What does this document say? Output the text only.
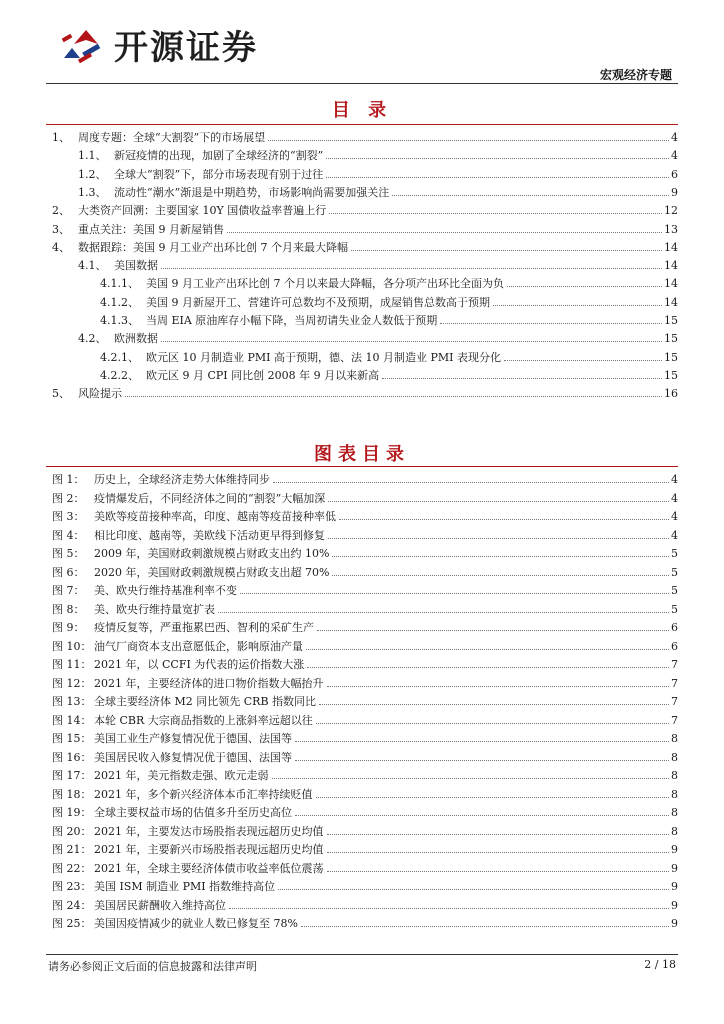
开源证券
宏观经济专题
目 录
1、 周度专题：全球“大割裂”下的市场展望	4
1.1、 新冠疫情的出现，加剧了全球经济的“割裂”	4
1.2、 全球大“割裂”下，部分市场表现有别于过往	6
1.3、 流动性“潮水”渐退是中期趋势，市场影响尚需要加强关注	9
2、 大类资产回溯：主要国家 10Y 国债收益率普遍上行	12
3、 重点关注：美国 9 月新屋销售	13
4、 数据跟踪：美国 9 月工业产出环比创 7 个月来最大降幅	14
4.1、 美国数据	14
4.1.1、 美国 9 月工业产出环比创 7 个月以来最大降幅，各分项产出环比全面为负	14
4.1.2、 美国 9 月新屋开工、营建许可总数均不及预期，成屋销售总数高于预期	14
4.1.3、 当周 EIA 原油库存小幅下降，当周初请失业金人数低于预期	15
4.2、 欧洲数据	15
4.2.1、 欧元区 10 月制造业 PMI 高于预期，德、法 10 月制造业 PMI 表现分化	15
4.2.2、 欧元区 9 月 CPI 同比创 2008 年 9 月以来新高	15
5、 风险提示	16
图表目录
图 1： 历史上，全球经济走势大体维持同步	4
图 2： 疫情爆发后，不同经济体之间的“割裂”大幅加深	4
图 3： 美欧等疫苗接种率高，印度、越南等疫苗接种率低	4
图 4： 相比印度、越南等，美欧线下活动更早得到修复	4
图 5： 2009 年，美国财政刺激规模占财政支出约 10%	5
图 6： 2020 年，美国财政刺激规模占财政支出超 70%	5
图 7： 美、欧央行维持基准利率不变	5
图 8： 美、欧央行维持量宽扩表	5
图 9： 疫情反复等，严重拖累巴西、智利的采矿生产	6
图 10： 油气厂商资本支出意愿低企，影响原油产量	6
图 11： 2021 年，以 CCFI 为代表的运价指数大涨	7
图 12： 2021 年，主要经济体的进口物价指数大幅抬升	7
图 13： 全球主要经济体 M2 同比领先 CRB 指数同比	7
图 14： 本轮 CBR 大宗商品指数的上涨斜率远超以往	7
图 15： 美国工业生产修复情况优于德国、法国等	8
图 16： 美国居民收入修复情况优于德国、法国等	8
图 17： 2021 年，美元指数走强、欧元走弱	8
图 18： 2021 年，多个新兴经济体本币汇率持续贬值	8
图 19： 全球主要权益市场的估值多升至历史高位	8
图 20： 2021 年，主要发达市场股指表现远超历史均值	8
图 21： 2021 年，主要新兴市场股指表现远超历史均值	9
图 22： 2021 年，全球主要经济体债市收益率低位震荡	9
图 23： 美国 ISM 制造业 PMI 指数维持高位	9
图 24： 美国居民薪酬收入维持高位	9
图 25： 美国因疫情减少的就业人数已修复至 78%	9
请务必参阅正文后面的信息披露和法律声明	2 / 18
